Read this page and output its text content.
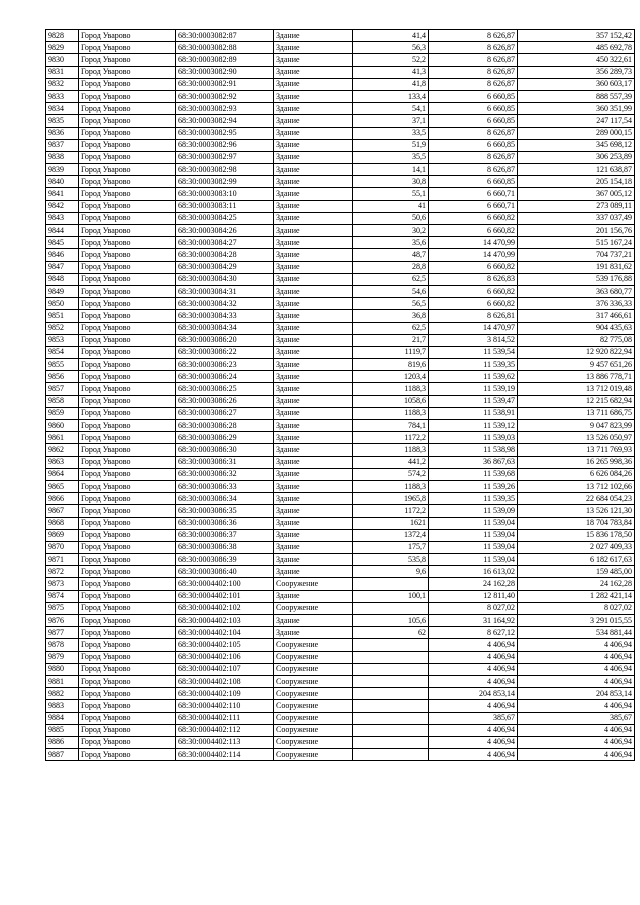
9828	Город Уварово	68:30:0003082:87	Здание	41,4	8 626,87	357 152,42
9829	Город Уварово	68:30:0003082:88	Здание	56,3	8 626,87	485 692,78
9830	Город Уварово	68:30:0003082:89	Здание	52,2	8 626,87	450 322,61
9831	Город Уварово	68:30:0003082:90	Здание	41,3	8 626,87	356 289,73
9832	Город Уварово	68:30:0003082:91	Здание	41,8	8 626,87	360 603,17
9833	Город Уварово	68:30:0003082:92	Здание	133,4	6 660,85	888 557,39
9834	Город Уварово	68:30:0003082:93	Здание	54,1	6 660,85	360 351,99
9835	Город Уварово	68:30:0003082:94	Здание	37,1	6 660,85	247 117,54
9836	Город Уварово	68:30:0003082:95	Здание	33,5	8 626,87	289 000,15
9837	Город Уварово	68:30:0003082:96	Здание	51,9	6 660,85	345 698,12
9838	Город Уварово	68:30:0003082:97	Здание	35,5	8 626,87	306 253,89
9839	Город Уварово	68:30:0003082:98	Здание	14,1	8 626,87	121 638,87
9840	Город Уварово	68:30:0003082:99	Здание	30,8	6 660,85	205 154,18
9841	Город Уварово	68:30:0003083:10	Здание	55,1	6 660,71	367 005,12
9842	Город Уварово	68:30:0003083:11	Здание	41	6 660,71	273 089,11
9843	Город Уварово	68:30:0003084:25	Здание	50,6	6 660,82	337 037,49
9844	Город Уварово	68:30:0003084:26	Здание	30,2	6 660,82	201 156,76
9845	Город Уварово	68:30:0003084:27	Здание	35,6	14 470,99	515 167,24
9846	Город Уварово	68:30:0003084:28	Здание	48,7	14 470,99	704 737,21
9847	Город Уварово	68:30:0003084:29	Здание	28,8	6 660,82	191 831,62
9848	Город Уварово	68:30:0003084:30	Здание	62,5	8 626,83	539 176,88
9849	Город Уварово	68:30:0003084:31	Здание	54,6	6 660,82	363 680,77
9850	Город Уварово	68:30:0003084:32	Здание	56,5	6 660,82	376 336,33
9851	Город Уварово	68:30:0003084:33	Здание	36,8	8 626,81	317 466,61
9852	Город Уварово	68:30:0003084:34	Здание	62,5	14 470,97	904 435,63
9853	Город Уварово	68:30:0003086:20	Здание	21,7	3 814,52	82 775,08
9854	Город Уварово	68:30:0003086:22	Здание	1119,7	11 539,54	12 920 822,94
9855	Город Уварово	68:30:0003086:23	Здание	819,6	11 539,35	9 457 651,26
9856	Город Уварово	68:30:0003086:24	Здание	1203,4	11 539,62	13 886 778,71
9857	Город Уварово	68:30:0003086:25	Здание	1188,3	11 539,19	13 712 019,48
9858	Город Уварово	68:30:0003086:26	Здание	1058,6	11 539,47	12 215 682,94
9859	Город Уварово	68:30:0003086:27	Здание	1188,3	11 538,91	13 711 686,75
9860	Город Уварово	68:30:0003086:28	Здание	784,1	11 539,12	9 047 823,99
9861	Город Уварово	68:30:0003086:29	Здание	1172,2	11 539,03	13 526 050,97
9862	Город Уварово	68:30:0003086:30	Здание	1188,3	11 538,98	13 711 769,93
9863	Город Уварово	68:30:0003086:31	Здание	441,2	36 867,63	16 265 998,36
9864	Город Уварово	68:30:0003086:32	Здание	574,2	11 539,68	6 626 084,26
9865	Город Уварово	68:30:0003086:33	Здание	1188,3	11 539,26	13 712 102,66
9866	Город Уварово	68:30:0003086:34	Здание	1965,8	11 539,35	22 684 054,23
9867	Город Уварово	68:30:0003086:35	Здание	1172,2	11 539,09	13 526 121,30
9868	Город Уварово	68:30:0003086:36	Здание	1621	11 539,04	18 704 783,84
9869	Город Уварово	68:30:0003086:37	Здание	1372,4	11 539,04	15 836 178,50
9870	Город Уварово	68:30:0003086:38	Здание	175,7	11 539,04	2 027 409,33
9871	Город Уварово	68:30:0003086:39	Здание	535,8	11 539,04	6 182 617,63
9872	Город Уварово	68:30:0003086:40	Здание	9,6	16 613,02	159 485,00
9873	Город Уварово	68:30:0004402:100	Сооружение		24 162,28	24 162,28
9874	Город Уварово	68:30:0004402:101	Здание	100,1	12 811,40	1 282 421,14
9875	Город Уварово	68:30:0004402:102	Сооружение		8 027,02	8 027,02
9876	Город Уварово	68:30:0004402:103	Здание	105,6	31 164,92	3 291 015,55
9877	Город Уварово	68:30:0004402:104	Здание	62	8 627,12	534 881,44
9878	Город Уварово	68:30:0004402:105	Сооружение		4 406,94	4 406,94
9879	Город Уварово	68:30:0004402:106	Сооружение		4 406,94	4 406,94
9880	Город Уварово	68:30:0004402:107	Сооружение		4 406,94	4 406,94
9881	Город Уварово	68:30:0004402:108	Сооружение		4 406,94	4 406,94
9882	Город Уварово	68:30:0004402:109	Сооружение		204 853,14	204 853,14
9883	Город Уварово	68:30:0004402:110	Сооружение		4 406,94	4 406,94
9884	Город Уварово	68:30:0004402:111	Сооружение		385,67	385,67
9885	Город Уварово	68:30:0004402:112	Сооружение		4 406,94	4 406,94
9886	Город Уварово	68:30:0004402:113	Сооружение		4 406,94	4 406,94
9887	Город Уварово	68:30:0004402:114	Сооружение		4 406,94	4 406,94
